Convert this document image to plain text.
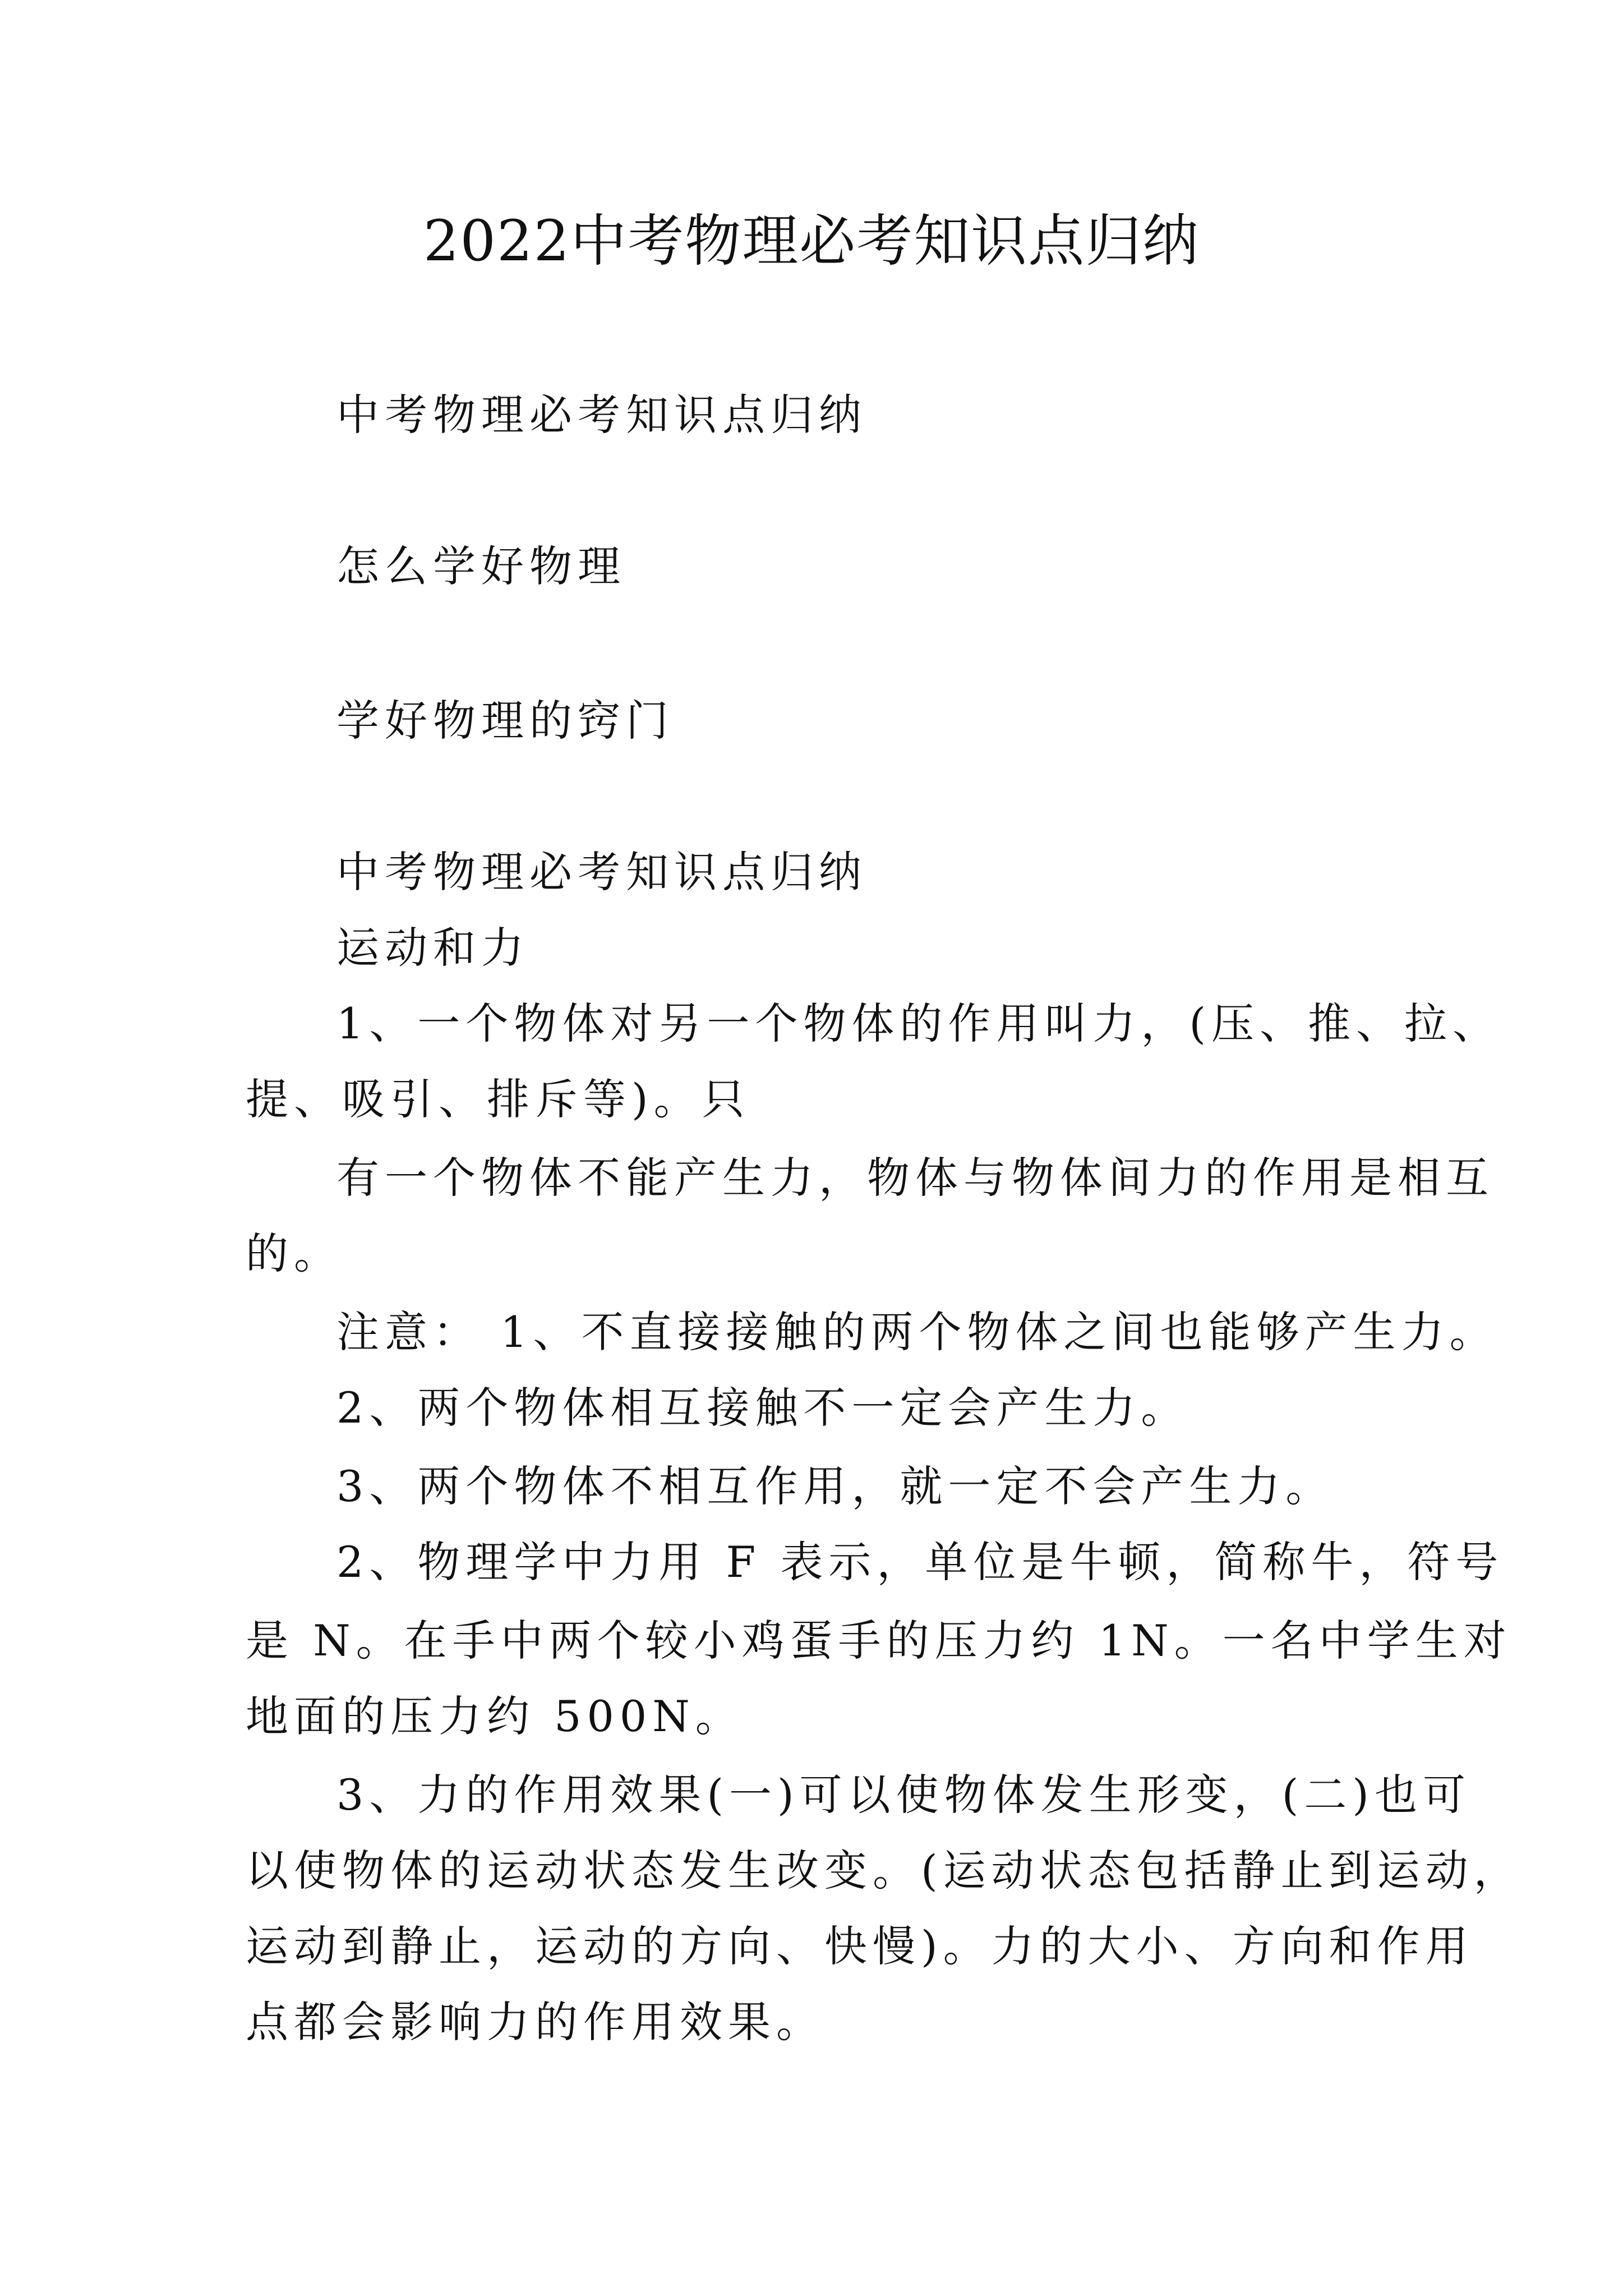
2022中考物理必考知识点归纳
中考物理必考知识点归纳
怎么学好物理
学好物理的窍门
中考物理必考知识点归纳
运动和力
1、一个物体对另一个物体的作用叫力，(压、推、拉、
提、吸引、排斥等)。只
有一个物体不能产生力，物体与物体间力的作用是相互
的。
注意： 1、不直接接触的两个物体之间也能够产生力。
2、两个物体相互接触不一定会产生力。
3、两个物体不相互作用，就一定不会产生力。
2、物理学中力用 F 表示，单位是牛顿，简称牛，符号
是 N。在手中两个较小鸡蛋手的压力约 1N。一名中学生对
地面的压力约 500N。
3、力的作用效果(一)可以使物体发生形变，(二)也可
以使物体的运动状态发生改变。(运动状态包括静止到运动，
运动到静止，运动的方向、快慢)。力的大小、方向和作用
点都会影响力的作用效果。
